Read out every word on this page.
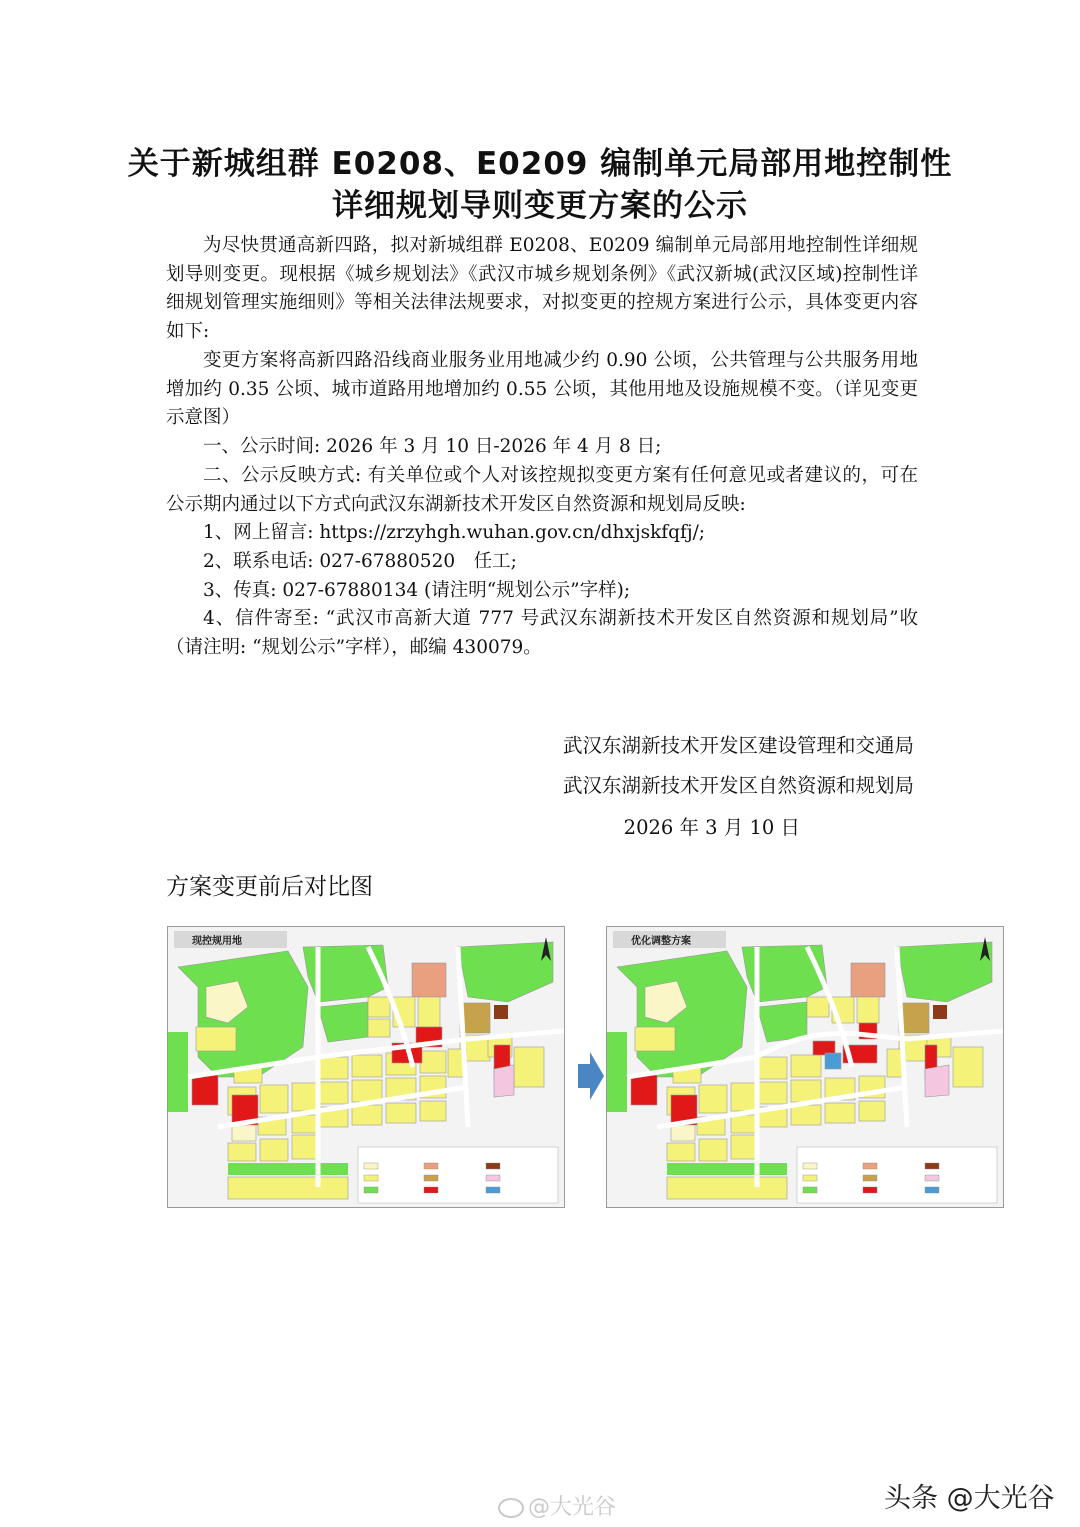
关于新城组群 E0208、E0209 编制单元局部用地控制性
详细规划导则变更方案的公示

为尽快贯通高新四路，拟对新城组群 E0208、E0209 编制单元局部用地控制性详细规划导则变更。现根据《城乡规划法》《武汉市城乡规划条例》《武汉新城(武汉区域)控制性详细规划管理实施细则》等相关法律法规要求，对拟变更的控规方案进行公示，具体变更内容如下:

变更方案将高新四路沿线商业服务业用地减少约 0.90 公顷，公共管理与公共服务用地增加约 0.35 公顷、城市道路用地增加约 0.55 公顷，其他用地及设施规模不变。（详见变更示意图）

一、公示时间: 2026 年 3 月 10 日-2026 年 4 月 8 日;

二、公示反映方式: 有关单位或个人对该控规拟变更方案有任何意见或者建议的，可在公示期内通过以下方式向武汉东湖新技术开发区自然资源和规划局反映:

1、网上留言: https://zrzyhgh.wuhan.gov.cn/dhxjskfqfj/;
2、联系电话: 027-67880520　任工;
3、传真: 027-67880134 (请注明“规划公示”字样);

4、信件寄至: “武汉市高新大道 777 号武汉东湖新技术开发区自然资源和规划局”收（请注明: “规划公示”字样），邮编 430079。

武汉东湖新技术开发区建设管理和交通局
武汉东湖新技术开发区自然资源和规划局
2026 年 3 月 10 日
方案变更前后对比图
现控规用地	优化调整方案
@大光谷	头条 @大光谷
